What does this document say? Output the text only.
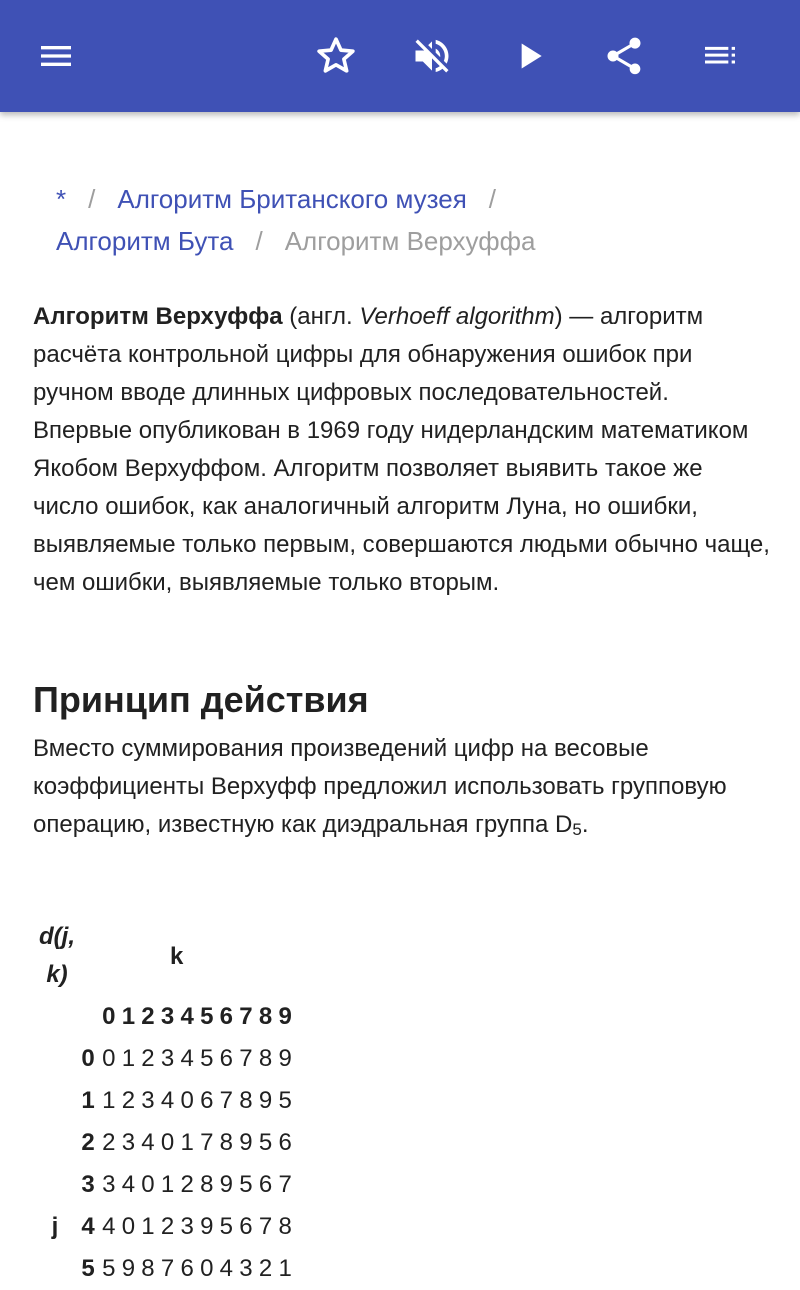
* / Алгоритм Британского музея /
Алгоритм Бута / Алгоритм Верхуффа

Алгоритм Верхуффа (англ. Verhoeff algorithm) — алгоритм расчёта контрольной цифры для обнаружения ошибок при ручном вводе длинных цифровых последовательностей. Впервые опубликован в 1969 году нидерландским математиком Якобом Верхуффом. Алгоритм позволяет выявить такое же число ошибок, как аналогичный алгоритм Луна, но ошибки, выявляемые только первым, совершаются людьми обычно чаще, чем ошибки, выявляемые только вторым.

Принцип действия

Вместо суммирования произведений цифр на весовые коэффициенты Верхуфф предложил использовать групповую операцию, известную как диэдральная группа $D_5$.

d(j, k)
k
0 1 2 3 4 5 6 7 8 9
0 0 1 2 3 4 5 6 7 8 9
1 1 2 3 4 0 6 7 8 9 5
2 2 3 4 0 1 7 8 9 5 6
3 3 4 0 1 2 8 9 5 6 7
j 4 4 0 1 2 3 9 5 6 7 8
5 5 9 8 7 6 0 4 3 2 1
